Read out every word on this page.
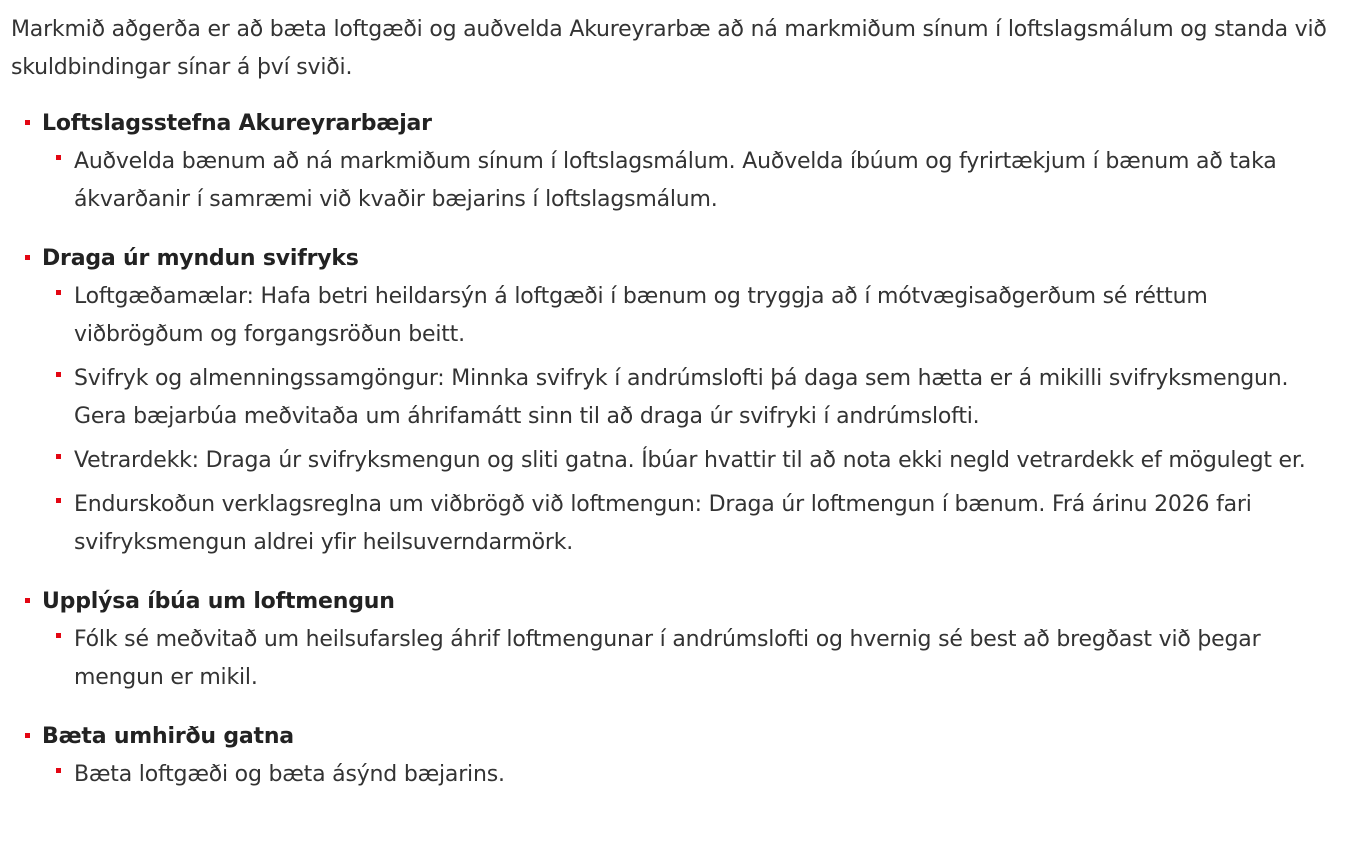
Markmið aðgerða er að bæta loftgæði og auðvelda Akureyrarbæ að ná markmiðum sínum í loftslagsmálum og standa við skuldbindingar sínar á því sviði.

Loftslagsstefna Akureyrarbæjar
Auðvelda bænum að ná markmiðum sínum í loftslagsmálum. Auðvelda íbúum og fyrirtækjum í bænum að taka ákvarðanir í samræmi við kvaðir bæjarins í loftslagsmálum.
Draga úr myndun svifryks
Loftgæðamælar: Hafa betri heildarsýn á loftgæði í bænum og tryggja að í mótvægisaðgerðum sé réttum viðbrögðum og forgangsröðun beitt.
Svifryk og almenningssamgöngur: Minnka svifryk í andrúmslofti þá daga sem hætta er á mikilli svifryksmengun. Gera bæjarbúa meðvitaða um áhrifamátt sinn til að draga úr svifryki í andrúmslofti.
Vetrardekk: Draga úr svifryksmengun og sliti gatna. Íbúar hvattir til að nota ekki negld vetrardekk ef mögulegt er.
Endurskoðun verklagsreglna um viðbrögð við loftmengun: Draga úr loftmengun í bænum. Frá árinu 2026 fari svifryksmengun aldrei yfir heilsuverndarmörk.
Upplýsa íbúa um loftmengun
Fólk sé meðvitað um heilsufarsleg áhrif loftmengunar í andrúmslofti og hvernig sé best að bregðast við þegar mengun er mikil.
Bæta umhirðu gatna
Bæta loftgæði og bæta ásýnd bæjarins.
